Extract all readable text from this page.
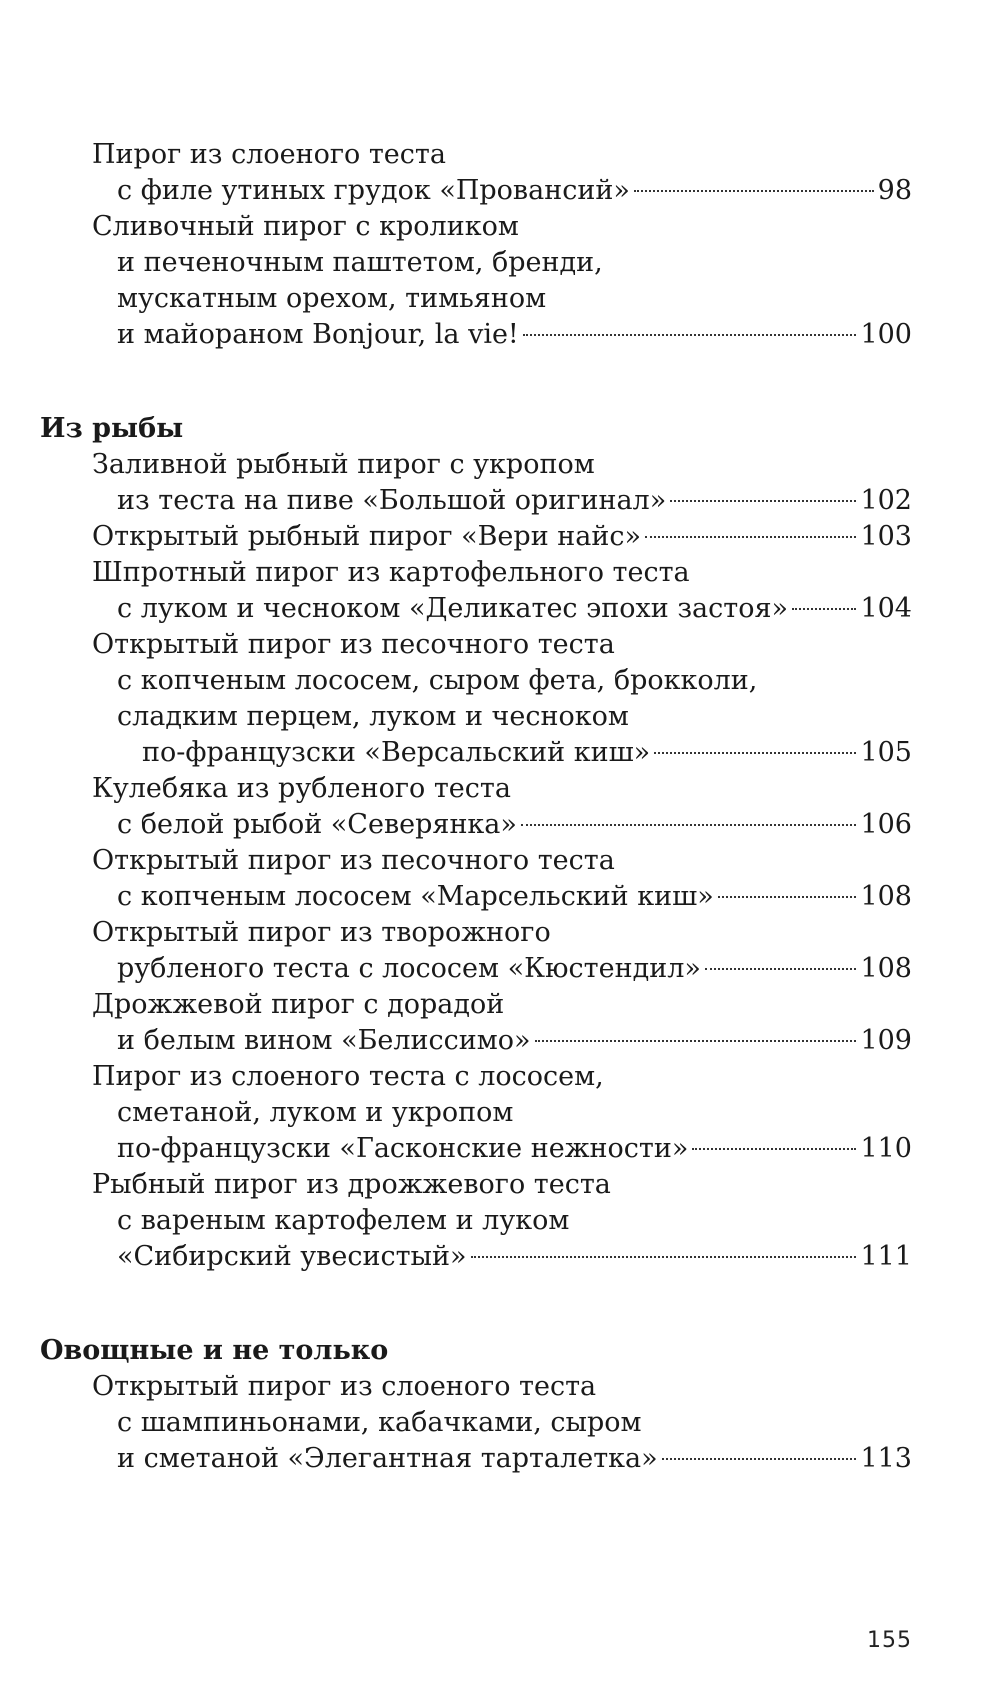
Пирог из слоеного теста
с филе утиных грудок «Провансий»	98
Сливочный пирог с кроликом
и печеночным паштетом, бренди,
мускатным орехом, тимьяном
и майораном Bonjour, la vie!	100
Из рыбы
Заливной рыбный пирог с укропом
из теста на пиве «Большой оригинал»	102
Открытый рыбный пирог «Вери найс»	103
Шпротный пирог из картофельного теста
с луком и чесноком «Деликатес эпохи застоя»	104
Открытый пирог из песочного теста
с копченым лососем, сыром фета, брокколи,
сладким перцем, луком и чесноком
по-французски «Версальский киш»	105
Кулебяка из рубленого теста
с белой рыбой «Северянка»	106
Открытый пирог из песочного теста
с копченым лососем «Марсельский киш»	108
Открытый пирог из творожного
рубленого теста с лососем «Кюстендил»	108
Дрожжевой пирог с дорадой
и белым вином «Белиссимо»	109
Пирог из слоеного теста с лососем,
сметаной, луком и укропом
по-французски «Гасконские нежности»	110
Рыбный пирог из дрожжевого теста
с вареным картофелем и луком
«Сибирский увесистый»	111
Овощные и не только
Открытый пирог из слоеного теста
с шампиньонами, кабачками, сыром
и сметаной «Элегантная тарталетка»	113
155
